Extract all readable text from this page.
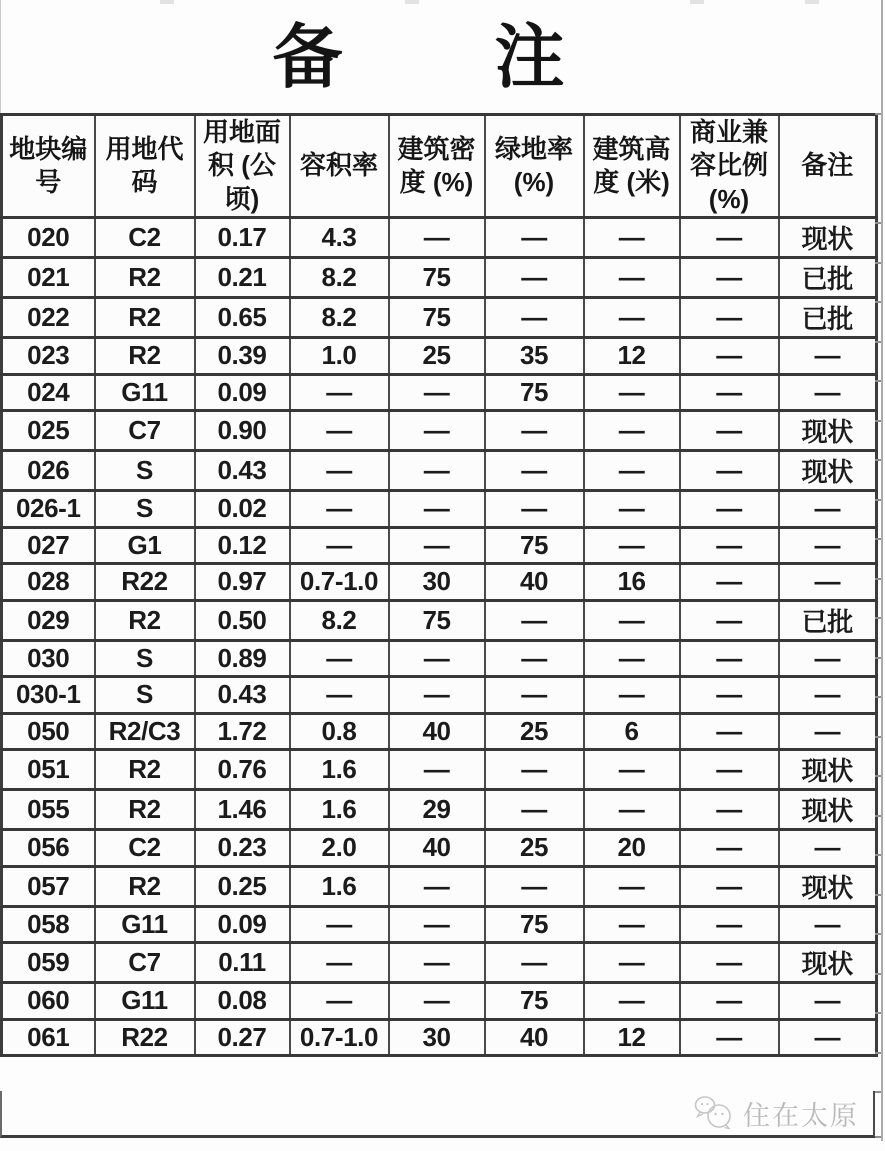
备 注
地块编号	用地代码	用地面积 (公顷)	容积率	建筑密度 (%)	绿地率 (%)	建筑高度 (米)	商业兼容比例 (%)	备注
020	C2	0.17	4.3	—	—	—	—	现状
021	R2	0.21	8.2	75	—	—	—	已批
022	R2	0.65	8.2	75	—	—	—	已批
023	R2	0.39	1.0	25	35	12	—	—
024	G11	0.09	—	—	75	—	—	—
025	C7	0.90	—	—	—	—	—	现状
026	S	0.43	—	—	—	—	—	现状
026-1	S	0.02	—	—	—	—	—	—
027	G1	0.12	—	—	75	—	—	—
028	R22	0.97	0.7-1.0	30	40	16	—	—
029	R2	0.50	8.2	75	—	—	—	已批
030	S	0.89	—	—	—	—	—	—
030-1	S	0.43	—	—	—	—	—	—
050	R2/C3	1.72	0.8	40	25	6	—	—
051	R2	0.76	1.6	—	—	—	—	现状
055	R2	1.46	1.6	29	—	—	—	现状
056	C2	0.23	2.0	40	25	20	—	—
057	R2	0.25	1.6	—	—	—	—	现状
058	G11	0.09	—	—	75	—	—	—
059	C7	0.11	—	—	—	—	—	现状
060	G11	0.08	—	—	75	—	—	—
061	R22	0.27	0.7-1.0	30	40	12	—	—
住在太原
